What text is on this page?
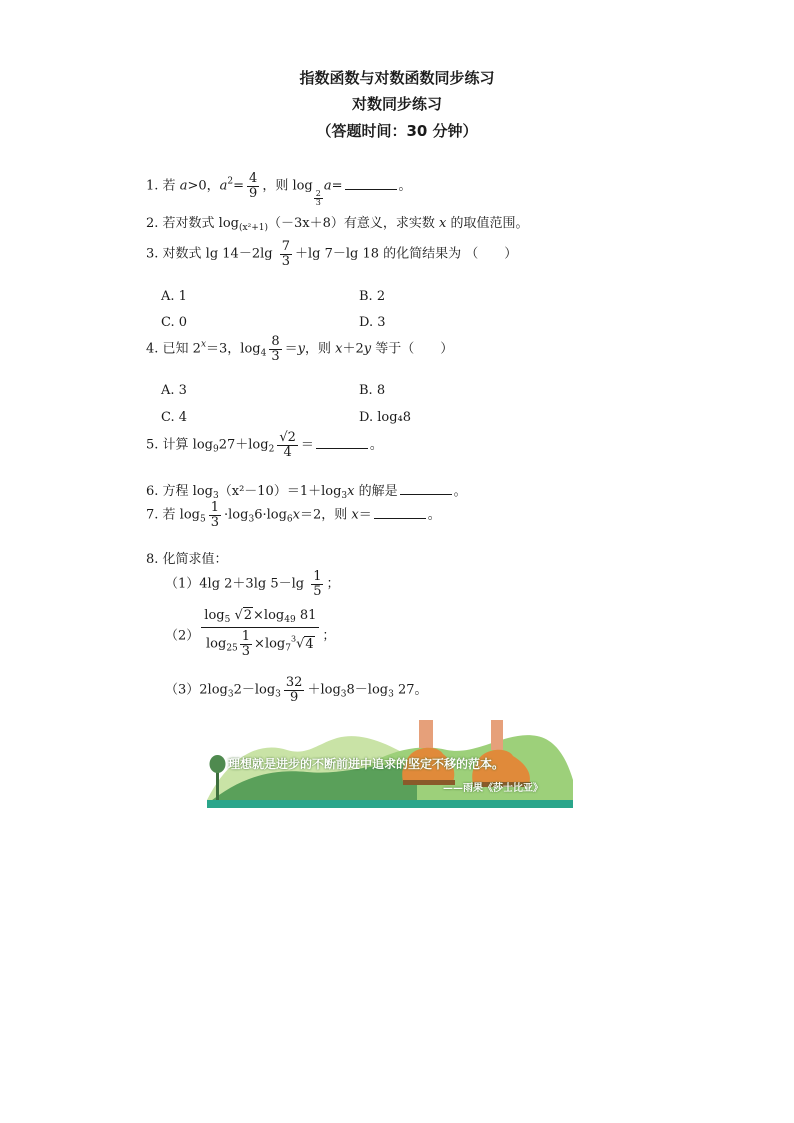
指数函数与对数函数同步练习
对数同步练习
（答题时间：30 分钟）
1. 若 a>0，$a^2= \frac{4}{9}$ ，则 log
$\frac{2}{3}$
a=	。
2. 若对数式 $\log_{(x^2+1)}(-3x+8)$有意义，求实数 x 的取值范围。
3. 对数式 $\lg 14-2\lg \frac{7}{3} +\lg$ 7－lg 18 的化简结果为 （　　）
A. 1	B. 2
C. 0	D. 3
4. 已知 $2^x=3$，$\log_4 \frac{8}{3} =y$，则 x＋2y 等于（　　）
A. 3	B. 8
C. 4	D. log₄8
5. 计算 $\log_927+\log_2 \frac{√2}{4}$ ＝	。
6. 方程 $\log_3(x^2-10)=1+\log_3x$ 的解是	。
7. 若 $\log_5 \frac{1}{3} \cdot\log_36\cdot\log_6x=2$，则 x＝	。
8. 化简求值：
（1）4lg 2＋3lg $5-\lg \frac{1}{5}$ ；
$(2) \frac{\log_5 √2\times\log_{49} 81}{\log_{25} \frac{1}{3} \times\log_7^3√4}$ ；
$(3)2\log_32-\log_3 \frac{32}{9} +\log_38-\log_3$ 27。
理想就是进步的不断前进中追求的坚定不移的范本。
——雨果《莎士比亚》
